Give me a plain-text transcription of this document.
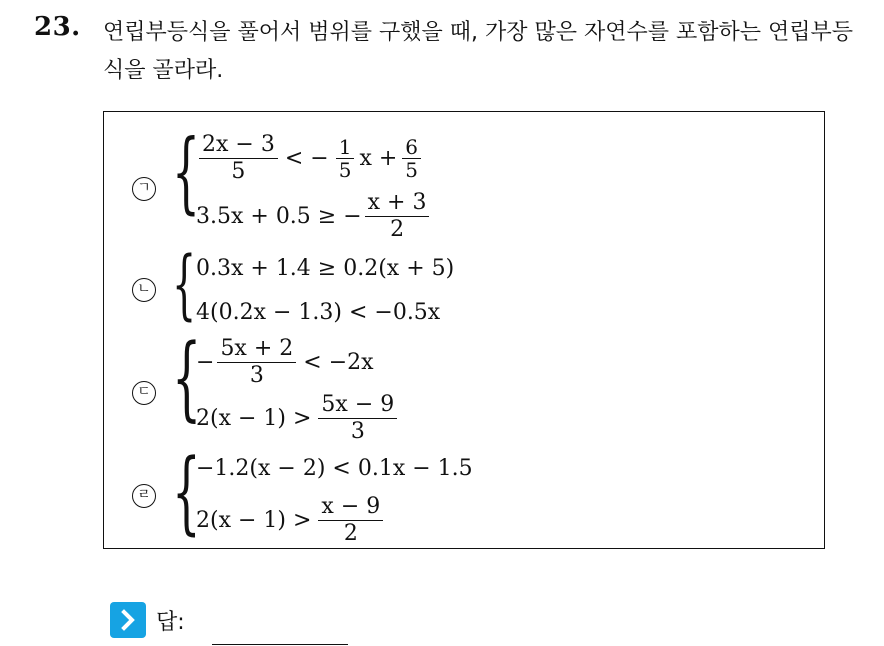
23. 연립부등식을 풀어서 범위를 구했을 때, 가장 많은 자연수를 포함하는 연립부등식을 골라라.
ㄱ { $\frac{2x - 3}{5}$ < − $\frac{1}{5}$ $x + \frac{6}{5}$
3.5x + 0.5 ≥ − $\frac{x + 3}{2}$
ㄴ { 0.3x + 1.4 ≥ 0.2(x + 5)
4(0.2x − 1.3) < −0.5x
ㄷ {
− $\frac{5x + 2}{3} < -2x$
$2(x - 1) > \frac{5x - 9}{3}$
ㄹ {
−1.2(x − 2) < 0.1x − 1.5
$2(x - 1) > \frac{x - 9}{2}$
답:
